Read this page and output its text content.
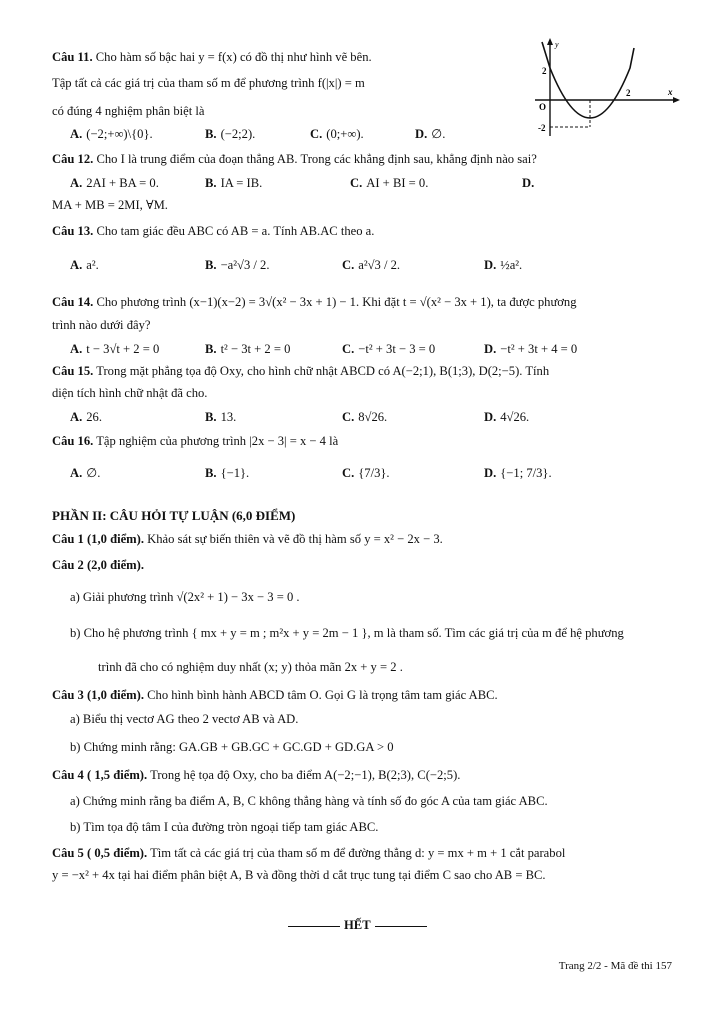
Câu 11. Cho hàm số bậc hai y = f(x) có đồ thị như hình vẽ bên.
Tập tất cả các giá trị của tham số m để phương trình f(|x|) = m
có đúng 4 nghiệm phân biệt là
A. (−2;+∞)\{0}.	B. (−2;2).	C. (0;+∞).	D. ∅.
y
x
O
2
-2
2
Câu 12. Cho I là trung điểm của đoạn thẳng AB. Trong các khẳng định sau, khẳng định nào sai?
A. 2AI + BA = 0.	B. IA = IB.	C. AI + BI = 0.	D.
MA + MB = 2MI, ∀M.
Câu 13. Cho tam giác đều ABC có AB = a. Tính AB.AC theo a.
A. a².	B. −a²√3 / 2.	C. a²√3 / 2.	D. ½a².
Câu 14. Cho phương trình (x−1)(x−2) = 3√(x² − 3x + 1) − 1. Khi đặt t = √(x² − 3x + 1), ta được phương
trình nào dưới đây?
A. t − 3√t + 2 = 0	B. t² − 3t + 2 = 0	C. −t² + 3t − 3 = 0	D. −t² + 3t + 4 = 0
Câu 15. Trong mặt phẳng tọa độ Oxy, cho hình chữ nhật ABCD có A(−2;1), B(1;3), D(2;−5). Tính
diện tích hình chữ nhật đã cho.
A. 26.	B. 13.	C. 8√26.	D. 4√26.
Câu 16. Tập nghiệm của phương trình |2x − 3| = x − 4 là
A. ∅.	B. {−1}.	C. {7/3}.	D. {−1; 7/3}.
PHẦN II: CÂU HỎI TỰ LUẬN (6,0 ĐIỂM)
Câu 1 (1,0 điểm). Khảo sát sự biến thiên và vẽ đồ thị hàm số y = x² − 2x − 3.
Câu 2 (2,0 điểm).
a) Giải phương trình √(2x² + 1) − 3x − 3 = 0 .
b) Cho hệ phương trình { mx + y = m ; m²x + y = 2m − 1 }, m là tham số. Tìm các giá trị của m để hệ phương
trình đã cho có nghiệm duy nhất (x; y) thỏa mãn 2x + y = 2 .
Câu 3 (1,0 điểm). Cho hình bình hành ABCD tâm O. Gọi G là trọng tâm tam giác ABC.
a) Biểu thị vectơ AG theo 2 vectơ AB và AD.
b) Chứng minh rằng: GA.GB + GB.GC + GC.GD + GD.GA > 0
Câu 4 ( 1,5 điểm). Trong hệ tọa độ Oxy, cho ba điểm A(−2;−1), B(2;3), C(−2;5).
a) Chứng minh rằng ba điểm A, B, C không thẳng hàng và tính số đo góc A của tam giác ABC.
b) Tìm tọa độ tâm I của đường tròn ngoại tiếp tam giác ABC.
Câu 5 ( 0,5 điểm). Tìm tất cả các giá trị của tham số m để đường thẳng d: y = mx + m + 1 cắt parabol
y = −x² + 4x tại hai điểm phân biệt A, B và đồng thời d cắt trục tung tại điểm C sao cho AB = BC.
HẾT
Trang 2/2 - Mã đề thi 157
